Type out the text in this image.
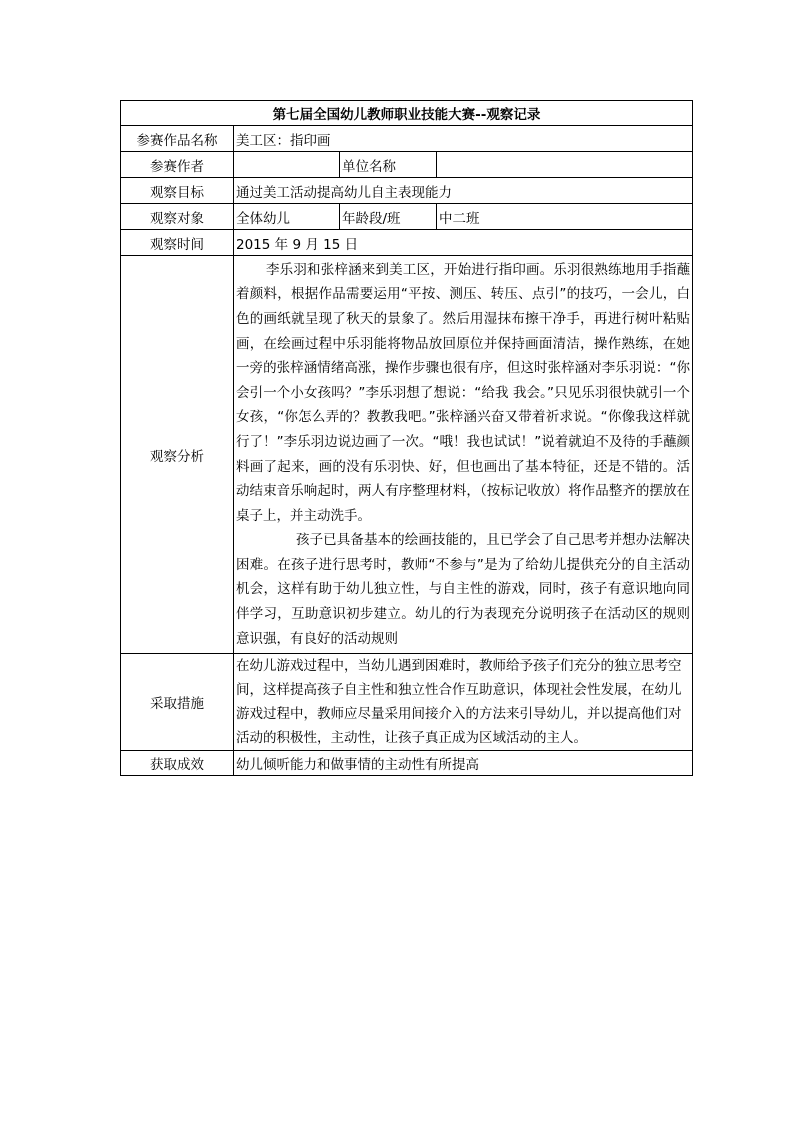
第七届全国幼儿教师职业技能大赛--观察记录			
参赛作品名称	美工区：指印画		
参赛作者		单位名称	
观察目标	通过美工活动提高幼儿自主表现能力		
观察对象	全体幼儿	年龄段/班	中二班
观察时间	2015 年 9 月 15 日		
观察分析	李乐羽和张梓涵来到美工区，开始进行指印画。乐羽很熟练地用手指蘸着颜料，根据作品需要运用“平按、测压、转压、点引”的技巧，一会儿，白色的画纸就呈现了秋天的景象了。然后用湿抹布擦干净手，再进行树叶粘贴画，在绘画过程中乐羽能将物品放回原位并保持画面清洁，操作熟练，在她一旁的张梓涵情绪高涨，操作步骤也很有序，但这时张梓涵对李乐羽说：“你会引一个小女孩吗？”李乐羽想了想说：“给我 我会。”只见乐羽很快就引一个女孩，“你怎么弄的？教教我吧。”张梓涵兴奋又带着祈求说。“你像我这样就行了！”李乐羽边说边画了一次。“哦！我也试试！”说着就迫不及待的手蘸颜料画了起来，画的没有乐羽快、好，但也画出了基本特征，还是不错的。活动结束音乐响起时，两人有序整理材料，（按标记收放）将作品整齐的摆放在桌子上，并主动洗手。

孩子已具备基本的绘画技能的，且已学会了自己思考并想办法解决困难。在孩子进行思考时，教师“不参与”是为了给幼儿提供充分的自主活动机会，这样有助于幼儿独立性，与自主性的游戏，同时，孩子有意识地向同伴学习，互助意识初步建立。幼儿的行为表现充分说明孩子在活动区的规则意识强，有良好的活动规则		

采取措施	在幼儿游戏过程中，当幼儿遇到困难时，教师给予孩子们充分的独立思考空间，这样提高孩子自主性和独立性合作互助意识，体现社会性发展，在幼儿游戏过程中，教师应尽量采用间接介入的方法来引导幼儿，并以提高他们对活动的积极性，主动性，让孩子真正成为区域活动的主人。		
获取成效	幼儿倾听能力和做事情的主动性有所提高		
